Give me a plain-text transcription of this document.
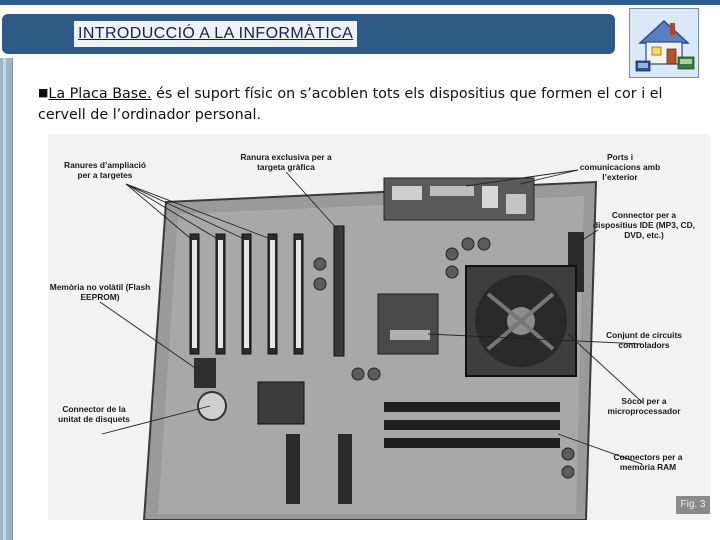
INTRODUCCIÓ A LA INFORMÀTICA
■La Placa Base. és el suport físic on s’acoblen tots els dispositius que formen el cor i el cervell de l’ordinador personal.
Ranures d’ampliació per a targetes
Ranura exclusiva per a targeta gràfica
Ports i comunicacions amb l’exterior
Connector per a dispositius IDE (MP3, CD, DVD, etc.)
Memòria no volàtil (Flash EEPROM)
Conjunt de circuits controladors
Connector de la unitat de disquets
Sòcol per a microprocessador
Connectors per a memòria RAM
Fig. 3
